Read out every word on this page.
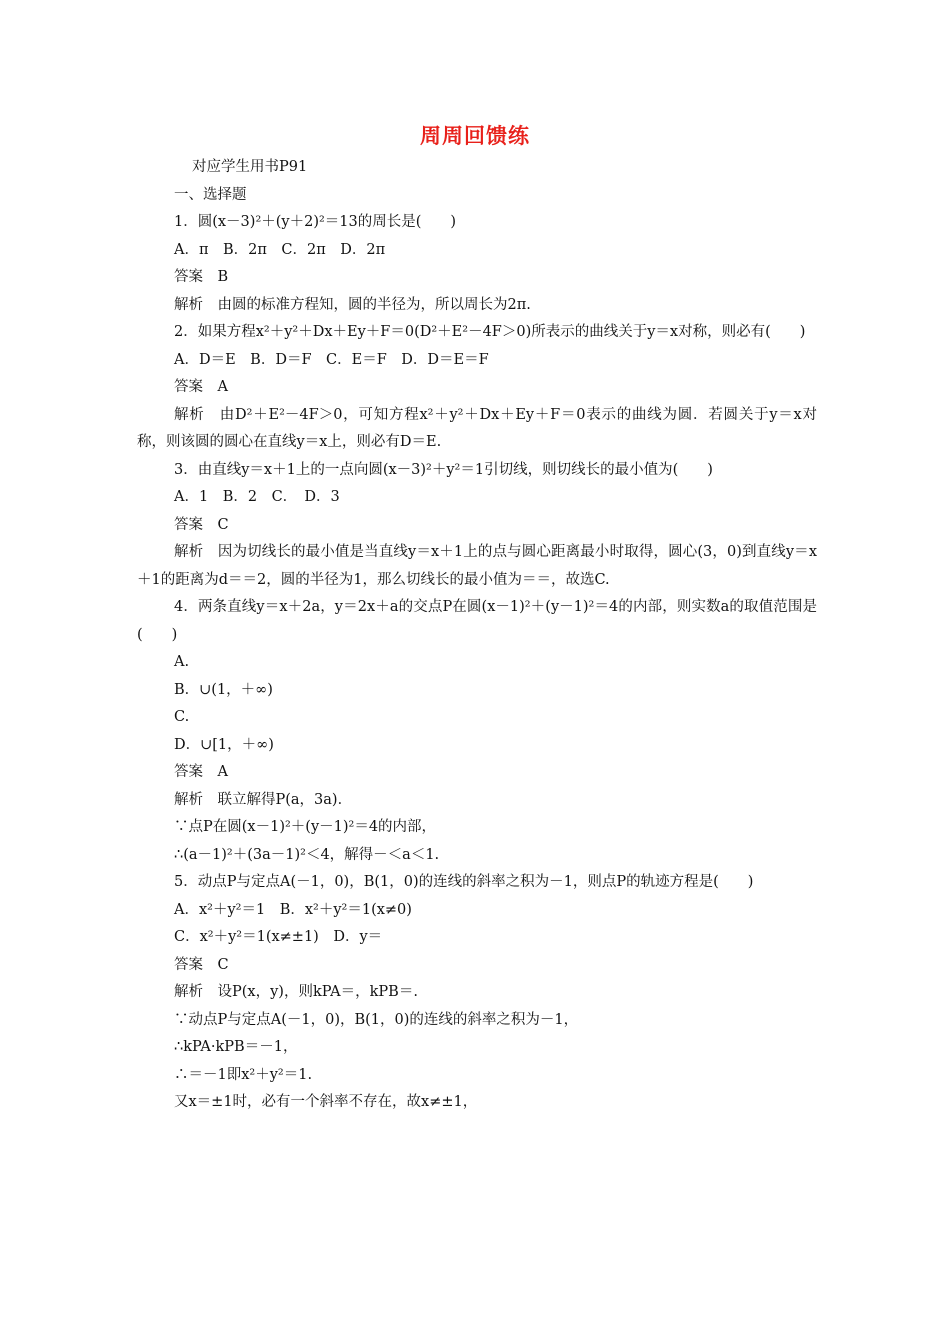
周周回馈练

对应学生用书P91

一、选择题

1．圆(x－3)²＋(y＋2)²＝13的周长是(　　)

A．π　B．2π　C．2π　D．2π

答案　B

解析　由圆的标准方程知，圆的半径为，所以周长为2π.

2．如果方程x²＋y²＋Dx＋Ey＋F＝0(D²＋E²－4F＞0)所表示的曲线关于y＝x对称，则必有(　　)

A．D＝E　B．D＝F　C．E＝F　D．D＝E＝F

答案　A

解析　由D²＋E²－4F＞0，可知方程x²＋y²＋Dx＋Ey＋F＝0表示的曲线为圆．若圆关于y＝x对称，则该圆的圆心在直线y＝x上，则必有D＝E.

3．由直线y＝x＋1上的一点向圆(x－3)²＋y²＝1引切线，则切线长的最小值为(　　)

A．1　B．2　C．　D．3

答案　C

解析　因为切线长的最小值是当直线y＝x＋1上的点与圆心距离最小时取得，圆心(3，0)到直线y＝x＋1的距离为d＝＝2，圆的半径为1，那么切线长的最小值为＝＝，故选C.

4．两条直线y＝x＋2a，y＝2x＋a的交点P在圆(x－1)²＋(y－1)²＝4的内部，则实数a的取值范围是(　　)

A.

B．∪(1，＋∞)

C.

D．∪[1，＋∞)

答案　A

解析　联立解得P(a，3a)．

∵点P在圆(x－1)²＋(y－1)²＝4的内部，

∴(a－1)²＋(3a－1)²＜4，解得－＜a＜1.

5．动点P与定点A(－1，0)，B(1，0)的连线的斜率之积为－1，则点P的轨迹方程是(　　)

A．x²＋y²＝1　B．x²＋y²＝1(x≠0)

C．x²＋y²＝1(x≠±1)　D．y＝

答案　C

解析　设P(x，y)，则kPA＝，kPB＝.

∵动点P与定点A(－1，0)，B(1，0)的连线的斜率之积为－1，

∴kPA·kPB＝－1，

∴＝－1即x²＋y²＝1.

又x＝±1时，必有一个斜率不存在，故x≠±1，
